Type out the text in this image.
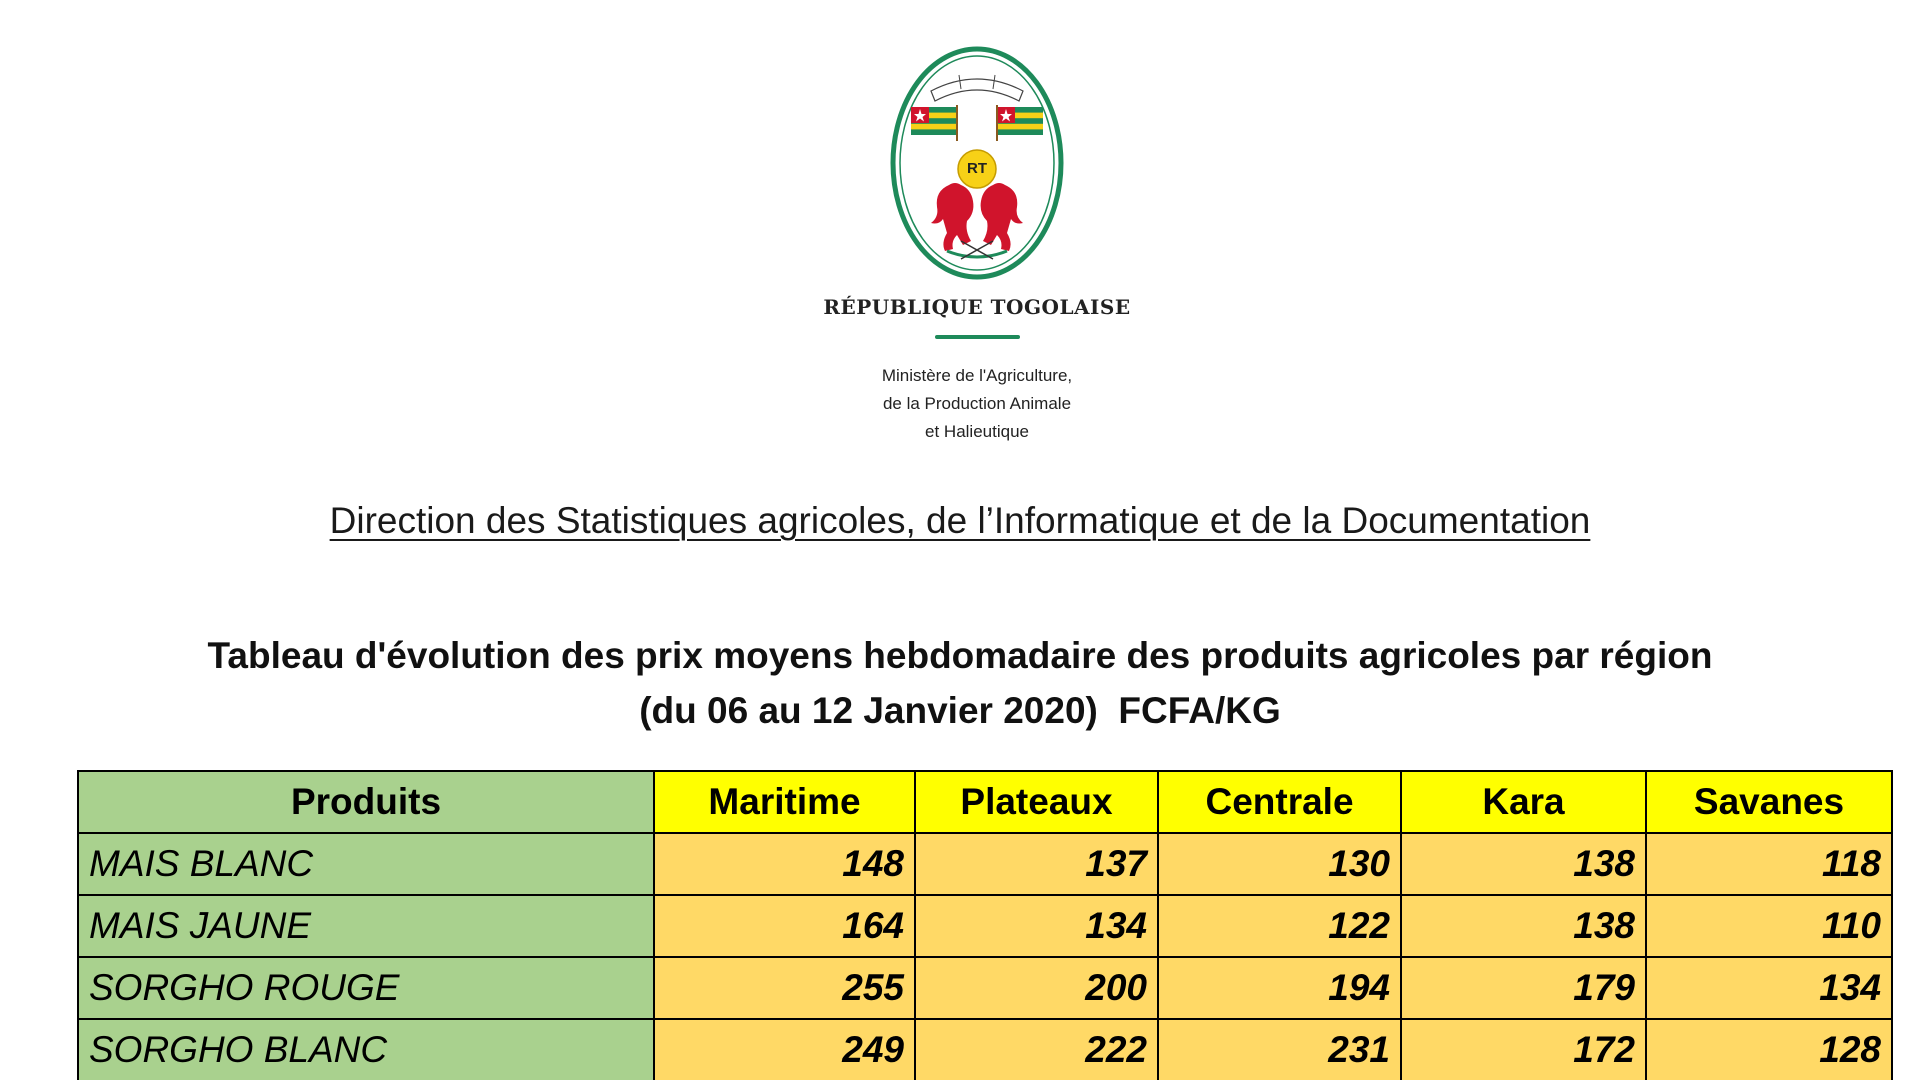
RT
RÉPUBLIQUE TOGOLAISE
Ministère de l'Agriculture,
de la Production Animale
et Halieutique
Direction des Statistiques agricoles, de l’Informatique et de la Documentation
Tableau d'évolution des prix moyens hebdomadaire des produits agricoles par région
(du 06 au 12 Janvier 2020)  FCFA/KG
Produits	Maritime	Plateaux	Centrale	Kara	Savanes
MAIS BLANC	148	137	130	138	118
MAIS JAUNE	164	134	122	138	110
SORGHO ROUGE	255	200	194	179	134
SORGHO BLANC	249	222	231	172	128
